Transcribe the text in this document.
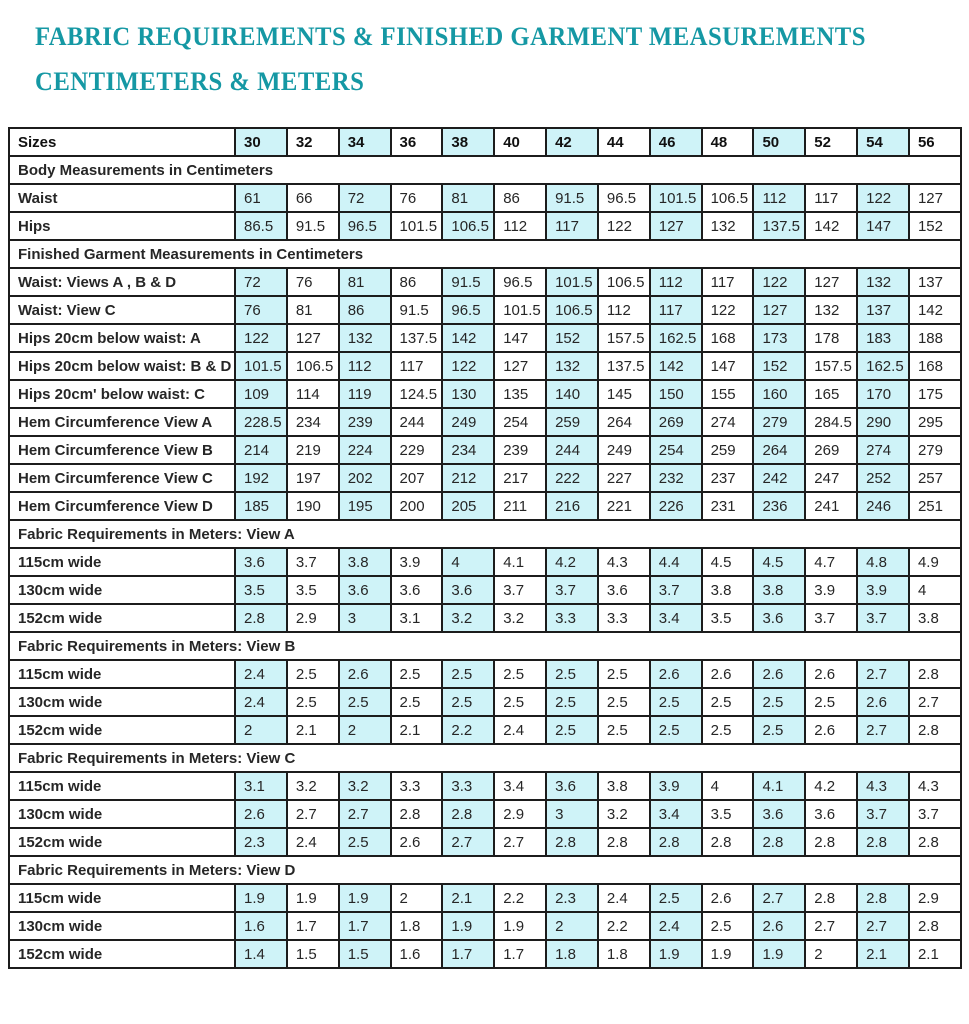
FABRIC REQUIREMENTS & FINISHED GARMENT MEASUREMENTS
CENTIMETERS & METERS
Sizes	30	32	34	36	38	40	42	44	46	48	50	52	54	56
Body Measurements in Centimeters														
Waist	61	66	72	76	81	86	91.5	96.5	101.5	106.5	112	117	122	127
Hips	86.5	91.5	96.5	101.5	106.5	112	117	122	127	132	137.5	142	147	152
Finished Garment Measurements in Centimeters														
Waist: Views A , B & D	72	76	81	86	91.5	96.5	101.5	106.5	112	117	122	127	132	137
Waist: View C	76	81	86	91.5	96.5	101.5	106.5	112	117	122	127	132	137	142
Hips 20cm below waist: A	122	127	132	137.5	142	147	152	157.5	162.5	168	173	178	183	188
Hips 20cm below waist: B & D	101.5	106.5	112	117	122	127	132	137.5	142	147	152	157.5	162.5	168
Hips 20cm' below waist: C	109	114	119	124.5	130	135	140	145	150	155	160	165	170	175
Hem Circumference View A	228.5	234	239	244	249	254	259	264	269	274	279	284.5	290	295
Hem Circumference View B	214	219	224	229	234	239	244	249	254	259	264	269	274	279
Hem Circumference View C	192	197	202	207	212	217	222	227	232	237	242	247	252	257
Hem Circumference View D	185	190	195	200	205	211	216	221	226	231	236	241	246	251
Fabric Requirements in Meters: View A														
115cm wide	3.6	3.7	3.8	3.9	4	4.1	4.2	4.3	4.4	4.5	4.5	4.7	4.8	4.9
130cm wide	3.5	3.5	3.6	3.6	3.6	3.7	3.7	3.6	3.7	3.8	3.8	3.9	3.9	4
152cm wide	2.8	2.9	3	3.1	3.2	3.2	3.3	3.3	3.4	3.5	3.6	3.7	3.7	3.8
Fabric Requirements in Meters: View B														
115cm wide	2.4	2.5	2.6	2.5	2.5	2.5	2.5	2.5	2.6	2.6	2.6	2.6	2.7	2.8
130cm wide	2.4	2.5	2.5	2.5	2.5	2.5	2.5	2.5	2.5	2.5	2.5	2.5	2.6	2.7
152cm wide	2	2.1	2	2.1	2.2	2.4	2.5	2.5	2.5	2.5	2.5	2.6	2.7	2.8
Fabric Requirements in Meters: View C														
115cm wide	3.1	3.2	3.2	3.3	3.3	3.4	3.6	3.8	3.9	4	4.1	4.2	4.3	4.3
130cm wide	2.6	2.7	2.7	2.8	2.8	2.9	3	3.2	3.4	3.5	3.6	3.6	3.7	3.7
152cm wide	2.3	2.4	2.5	2.6	2.7	2.7	2.8	2.8	2.8	2.8	2.8	2.8	2.8	2.8
Fabric Requirements in Meters: View D														
115cm wide	1.9	1.9	1.9	2	2.1	2.2	2.3	2.4	2.5	2.6	2.7	2.8	2.8	2.9
130cm wide	1.6	1.7	1.7	1.8	1.9	1.9	2	2.2	2.4	2.5	2.6	2.7	2.7	2.8
152cm wide	1.4	1.5	1.5	1.6	1.7	1.7	1.8	1.8	1.9	1.9	1.9	2	2.1	2.1
